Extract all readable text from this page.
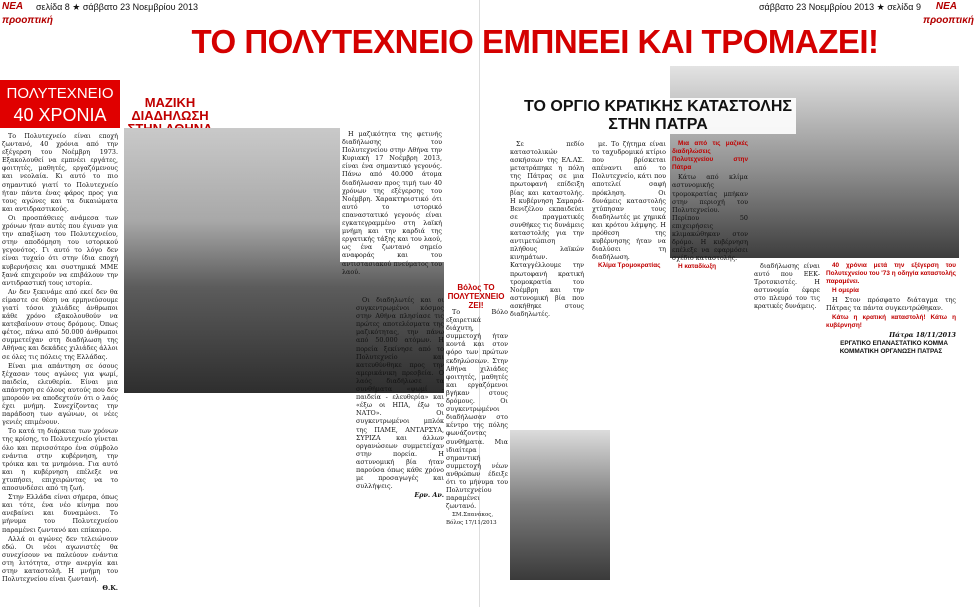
ΝΕΑ προοπτική
σελίδα 8 ★ σάββατο 23 Νοεμβρίου 2013	σάββατο 23 Νοεμβρίου 2013 ★ σελίδα 9	ΝΕΑ προοπτική
ΤΟ ΠΟΛΥΤΕΧΝΕΙΟ ΕΜΠΝΕΕΙ ΚΑΙ ΤΡΟΜΑΖΕΙ!
ΠΟΛΥΤΕΧΝΕΙΟ
40 ΧΡΟΝΙΑ

Το Πολυτεχνείο είναι εποχή ζωντανό, 40 χρόνια από την εξέγερση του Νοέμβρη 1973. Εξακολουθεί να εμπνέει εργάτες, φοιτητές, μαθητές, εργαζόμενους και νεολαία. Κι αυτό το πιο σημαντικό γιατί το Πολυτεχνείο ήταν πάντα ένας φάρος προς για τους αγώνες και τα δικαιώματα και αντιδραστικούς.

Οι προσπάθειες ανάμεσα των χρόνων ήταν αυτές που έγιναν για την απαξίωση του Πολυτεχνείου, στην αποδόμηση του ιστορικού γεγονότος. Γι αυτό το λόγο δεν είναι τυχαίο ότι στην ίδια εποχή κυβερνήσεις και συστημικά ΜΜΕ ξανά επιχειρούν να επιβάλουν την αντιδραστική τους ιστορία.

Αν δεν ξεκινάμε από εκεί δεν θα είμαστε σε θέση να ερμηνεύσουμε γιατί τόσοι χιλιάδες άνθρωποι κάθε χρόνο εξακολουθούν να κατεβαίνουν στους δρόμους. Όπως φέτος, πάνω από 50.000 άνθρωποι συμμετείχαν στη διαδήλωση της Αθήνας και δεκάδες χιλιάδες άλλοι σε όλες τις πόλεις της Ελλάδας.

Είναι μια απάντηση σε όσους ξέχασαν τους αγώνες για ψωμί, παιδεία, ελευθερία. Είναι μια απάντηση σε όλους αυτούς που δεν μπορούν να αποδεχτούν ότι ο λαός έχει μνήμη. Συνεχίζοντας την παράδοση των αγώνων, οι νέες γενιές επιμένουν.

Το κατά τη διάρκεια των χρόνων της κρίσης, το Πολυτεχνείο γίνεται όλο και περισσότερο ένα σύμβολο ενάντια στην κυβέρνηση, την τρόικα και τα μνημόνια. Για αυτό και η κυβέρνηση επέλεξε να χτυπήσει, επιχειρώντας να το αποσυνδέσει από τη ζωή.

Στην Ελλάδα είναι σήμερα, όπως και τότε, ένα νέο κίνημα που ανεβαίνει και δυναμώνει. Το μήνυμα του Πολυτεχνείου παραμένει ζωντανό και επίκαιρο.

Αλλά οι αγώνες δεν τελειώνουν εδώ. Οι νέοι αγωνιστές θα συνεχίσουν να παλεύουν ενάντια στη λιτότητα, στην ανεργία και στην καταστολή. Η μνήμη του Πολυτεχνείου είναι ζωντανή.

Θ.Κ.

ΜΑΖΙΚΗ ΔΙΑΔΗΛΩΣΗ

Η μαζικότητα της φετινής διαδήλωσης του Πολυτεχνείου στην Αθήνα την Κυριακή 17 Νοέμβρη 2013, είναι ένα σημαντικό γεγονός. Πάνω από 40.000 άτομα διαδήλωσαν προς τιμή των 40 χρόνων της εξέγερσης του Νοέμβρη. Χαρακτηριστικό ότι αυτό το ιστορικό επαναστατικό γεγονός είναι εγκατεγραμμένο στη λαϊκή μνήμη και την καρδιά της εργατικής τάξης και του λαού, ως ένα ζωντανό σημείο αναφοράς και του αντιστασιακού πνεύματος του λαού.

Οι διαδηλωτές και οι συγκεντρωμένοι κόσμος στην Αθήνα πλησίασε τις πρώτες αποτελέσματα της μαζικότητας, την πάνω από 50.000 ατόμων. Η πορεία ξεκίνησε από το Πολυτεχνείο και κατευθύνθηκε προς την αμερικάνικη πρεσβεία. Ο λαός διαδήλωσε τα συνθήματα «ψωμί - παιδεία - ελευθερία» και «έξω οι ΗΠΑ, έξω το ΝΑΤΟ». Οι συγκεντρωμένοι μπλόκ της ΠΑΜΕ, ΑΝΤΑΡΣΥΑ, ΣΥΡΙΖΑ και άλλων οργανώσεων συμμετείχαν στην πορεία. Η αστυνομική βία ήταν παρούσα όπως κάθε χρόνο με προσαγωγές και συλλήψεις.

Ερν. Αν.

Βόλος ΤΟ ΠΟΛΥΤΕΧΝΕΙΟ ΖΕΙ!

Το Βόλο εξαιρετικά διάχυτη, συμμετοχή ήταν κοντά και στον φόρο των πρώτων εκδηλώσεων. Στην Αθήνα χιλιάδες φοιτητές, μαθητές και εργαζόμενοι βγήκαν στους δρόμους. Οι συγκεντρωμένοι διαδήλωσαν στο κέντρο της πόλης φωνάζοντας συνθήματα. Μια ιδιαίτερα σημαντική συμμετοχή νέων ανθρώπων έδειξε ότι το μήνυμα του Πολυτεχνείου παραμένει ζωντανό.

ΣΜ.Σπανάκος, Βόλος 17/11/2013

ΤΟ ΟΡΓΙΟ ΚΡΑΤΙΚΗΣ ΚΑΤΑΣΤΟΛΗΣ ΣΤΗΝ ΠΑΤΡΑ

Σε πεδίο καταστολικών ασκήσεων της ΕΛ.ΑΣ. μετατράπηκε η πόλη της Πάτρας σε μια πρωτοφανή επίδειξη βίας και καταστολής. Η κυβέρνηση Σαμαρά-Βενιζέλου εκπαιδεύει σε πραγματικές συνθήκες τις δυνάμεις καταστολής για την αντιμετώπιση πλήθους λαϊκών κινημάτων. Καταγγέλλουμε την πρωτοφανή κρατική τρομοκρατία του Νοέμβρη και την αστυνομική βία που ασκήθηκε στους διαδηλωτές.

με. Το ζήτημα είναι το ταχυδρομικό κτίριο που βρίσκεται απέναντι από το Πολυτεχνείο, κάτι που αποτελεί σαφή πρόκληση. Οι δυνάμεις καταστολής χτύπησαν τους διαδηλωτές με χημικά και κρότου λάμψης. Η πρόθεση της κυβέρνησης ήταν να διαλύσει τη διαδήλωση.

Κλίμα Τρομοκρατίας

Μια από τις μαζικές διαδηλώσεις Πολυτεχνείου στην Πάτρα

Κάτω από κλίμα αστυνομικής τρομοκρατίας μπήκαν στην περιοχή του Πολυτεχνείου. Περίπου 50 επιχειρήσεις κλιμακώθηκαν στον δρόμο. Η κυβέρνηση επέλεξε να εφαρμόσει σχέδιο καταστολής.

Η καταδίωξη	διαδήλωσης είναι αυτό που ΕΕΚ-Τροτσκιστές. Η αστυνομία έφερε στο πλευρό του τις κρατικές δυνάμεις.

40 χρόνια μετά την εξέγερση του Πολυτεχνείου του '73 η οδηγία καταστολής παραμένει.

Η ομερία

Η Στον πρόσφατο διάταγμα της Πάτρας τα πάντα συγκεντρώθηκαν.

Κάτω η κρατική καταστολή! Κάτω η κυβέρνηση!

Πάτρα 18/11/2013

ΕΡΓΑΤΙΚΟ ΕΠΑΝΑΣΤΑΤΙΚΟ ΚΟΜΜΑ ΚΟΜΜΑΤΙΚΗ ΟΡΓΑΝΩΣΗ ΠΑΤΡΑΣ
